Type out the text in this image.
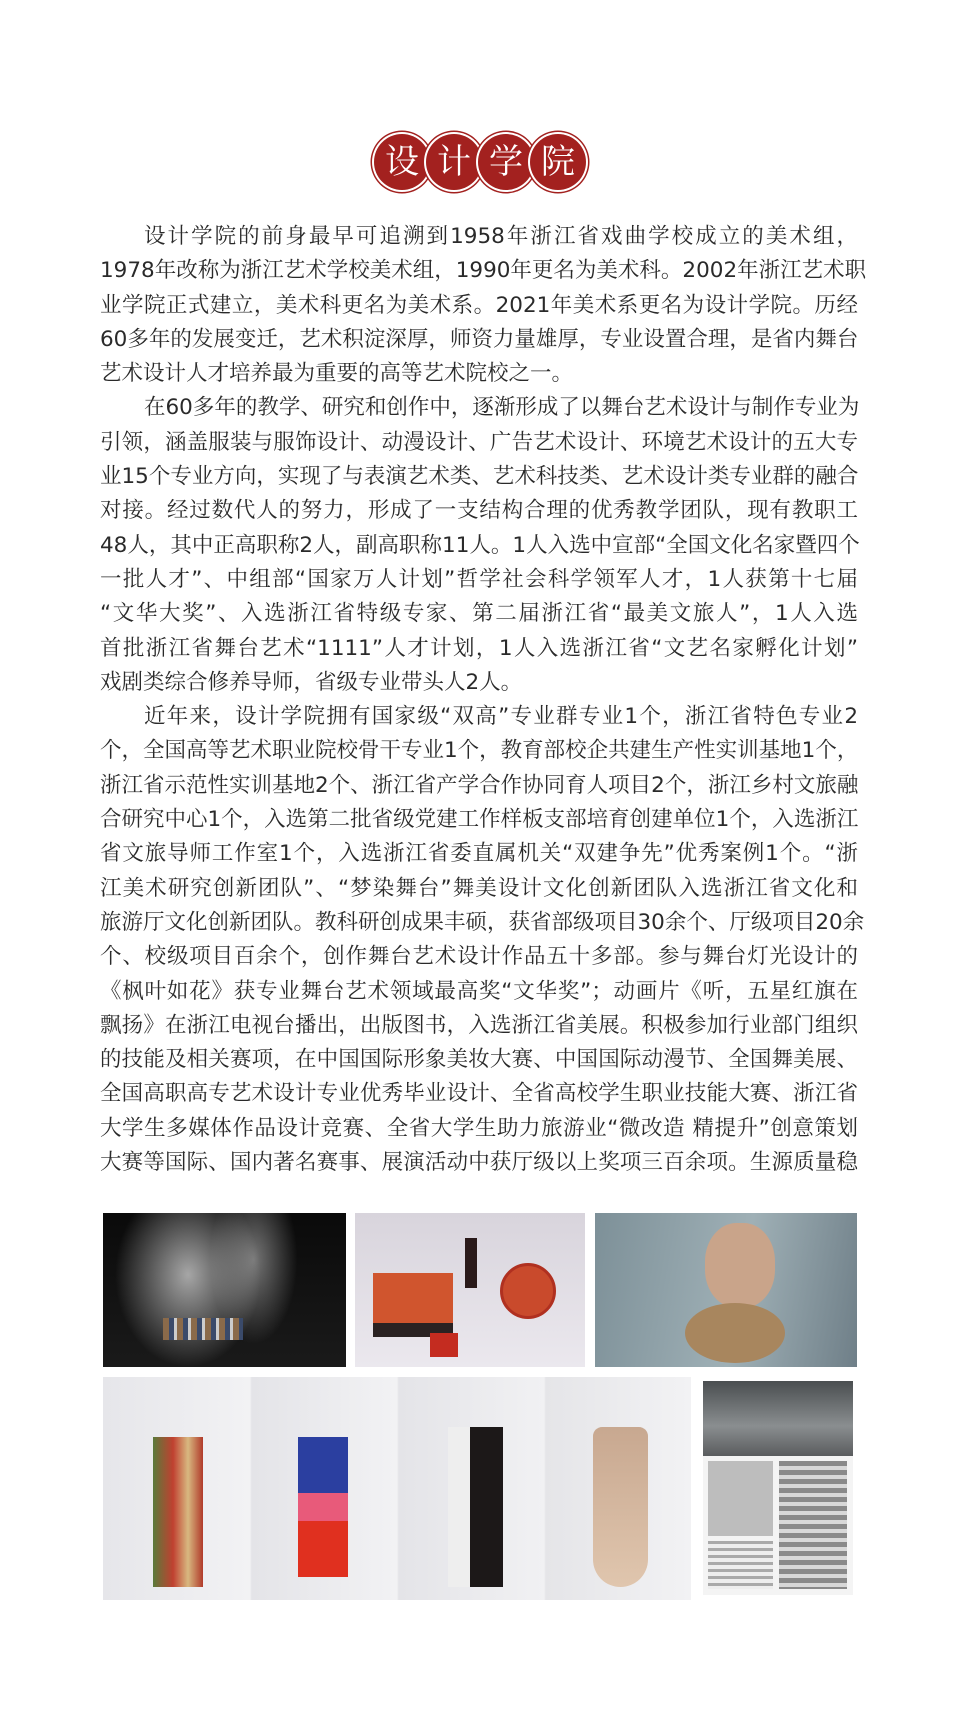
设 计 学 院
设计学院的前身最早可追溯到1958年浙江省戏曲学校成立的美术组，
1978年改称为浙江艺术学校美术组，1990年更名为美术科。2002年浙江艺术职
业学院正式建立，美术科更名为美术系。2021年美术系更名为设计学院。历经
60多年的发展变迁，艺术积淀深厚，师资力量雄厚，专业设置合理，是省内舞台
艺术设计人才培养最为重要的高等艺术院校之一。
在60多年的教学、研究和创作中，逐渐形成了以舞台艺术设计与制作专业为
引领，涵盖服装与服饰设计、动漫设计、广告艺术设计、环境艺术设计的五大专
业15个专业方向，实现了与表演艺术类、艺术科技类、艺术设计类专业群的融合
对接。经过数代人的努力，形成了一支结构合理的优秀教学团队，现有教职工
48人，其中正高职称2人，副高职称11人。1人入选中宣部“全国文化名家暨四个
一批人才”、中组部“国家万人计划”哲学社会科学领军人才，1人获第十七届
“文华大奖”、入选浙江省特级专家、第二届浙江省“最美文旅人”，1人入选
首批浙江省舞台艺术“1111”人才计划，1人入选浙江省“文艺名家孵化计划”
戏剧类综合修养导师，省级专业带头人2人。
近年来，设计学院拥有国家级“双高”专业群专业1个，浙江省特色专业2
个，全国高等艺术职业院校骨干专业1个，教育部校企共建生产性实训基地1个，
浙江省示范性实训基地2个、浙江省产学合作协同育人项目2个，浙江乡村文旅融
合研究中心1个，入选第二批省级党建工作样板支部培育创建单位1个，入选浙江
省文旅导师工作室1个，入选浙江省委直属机关“双建争先”优秀案例1个。“浙
江美术研究创新团队”、“梦染舞台”舞美设计文化创新团队入选浙江省文化和
旅游厅文化创新团队。教科研创成果丰硕，获省部级项目30余个、厅级项目20余
个、校级项目百余个，创作舞台艺术设计作品五十多部。参与舞台灯光设计的
《枫叶如花》获专业舞台艺术领域最高奖“文华奖”；动画片《听，五星红旗在
飘扬》在浙江电视台播出，出版图书，入选浙江省美展。积极参加行业部门组织
的技能及相关赛项，在中国国际形象美妆大赛、中国国际动漫节、全国舞美展、
全国高职高专艺术设计专业优秀毕业设计、全省高校学生职业技能大赛、浙江省
大学生多媒体作品设计竞赛、全省大学生助力旅游业“微改造 精提升”创意策划
大赛等国际、国内著名赛事、展演活动中获厅级以上奖项三百余项。生源质量稳
